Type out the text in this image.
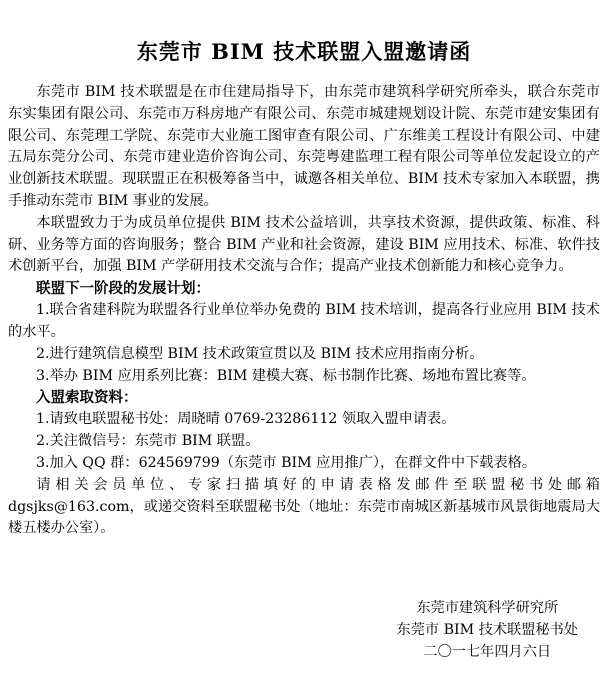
东莞市 BIM 技术联盟入盟邀请函

东莞市 BIM 技术联盟是在市住建局指导下，由东莞市建筑科学研究所牵头，联合东莞市东实集团有限公司、东莞市万科房地产有限公司、东莞市城建规划设计院、东莞市建安集团有限公司、东莞理工学院、东莞市大业施工图审查有限公司、广东维美工程设计有限公司、中建五局东莞分公司、东莞市建业造价咨询公司、东莞粤建监理工程有限公司等单位发起设立的产业创新技术联盟。现联盟正在积极筹备当中，诚邀各相关单位、BIM 技术专家加入本联盟，携手推动东莞市 BIM 事业的发展。

本联盟致力于为成员单位提供 BIM 技术公益培训，共享技术资源，提供政策、标准、科研、业务等方面的咨询服务；整合 BIM 产业和社会资源，建设 BIM 应用技术、标准、软件技术创新平台，加强 BIM 产学研用技术交流与合作；提高产业技术创新能力和核心竞争力。

联盟下一阶段的发展计划：

1.联合省建科院为联盟各行业单位举办免费的 BIM 技术培训，提高各行业应用 BIM 技术的水平。

2.进行建筑信息模型 BIM 技术政策宣贯以及 BIM 技术应用指南分析。

3.举办 BIM 应用系列比赛：BIM 建模大赛、标书制作比赛、场地布置比赛等。

入盟索取资料：

1.请致电联盟秘书处：周晓晴 0769-23286112 领取入盟申请表。

2.关注微信号：东莞市 BIM 联盟。

3.加入 QQ 群：624569799（东莞市 BIM 应用推广），在群文件中下载表格。

请相关会员单位、专家扫描填好的申请表格发邮件至联盟秘书处邮箱 dgsjks@163.com，或递交资料至联盟秘书处（地址：东莞市南城区新基城市风景街地震局大楼五楼办公室）。

东莞市建筑科学研究所
东莞市 BIM 技术联盟秘书处
二〇一七年四月六日
